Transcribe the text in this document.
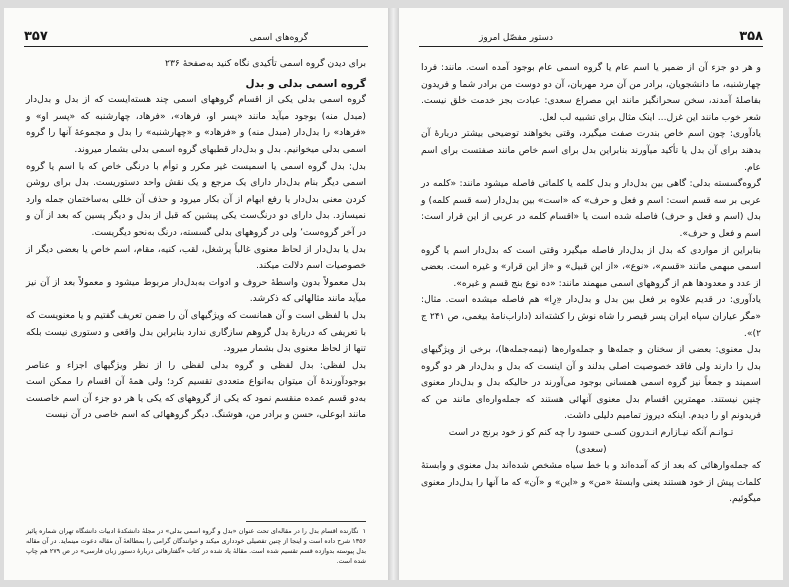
۳۵۷	گروه‌های اسمی

برای دیدن گروه اسمی تأکیدی نگاه کنید به‌صفحهٔ ۲۳۶

گروه اسمی بدلی و بدل

گروه اسمی بدلی یکی از اقسام گروههای اسمی چند هسته‌ایست که از بدل و بدل‌دار (مبدل منه) بوجود میآید مانند «پسر او، فرهاد»، «فرهاد، چهارشنبه که «پسر او» و «فرهاد» را بدل‌دار (مبدل منه) و «فرهاد» و «چهارشنبه» را بدل و مجموعهٔ آنها را گروه اسمی بدلی میخوانیم. بدل و بدل‌دار قطبهای گروه اسمی بدلی بشمار میروند.

بدل: بدل گروه اسمی یا اسمیست غیر مکرر و توأم با درنگی خاص که با اسم یا گروه اسمی دیگر بنام بدل‌دار دارای یک مرجع و یک نقش واحد دستوریست. بدل برای روشن کردن معنی بدل‌دار یا رفع ابهام از آن بکار میرود و حذف آن خللی به‌ساختمان جمله وارد نمیسازد. بدل دارای دو درنگ‌ست یکی پیشین که قبل از بدل و دیگر پسین که بعد از آن و در آخر گروه‌ست٬ ولی در گروههای بدلی گسسته، درنگ به‌نحو دیگریست.

بدل یا بدل‌دار از لحاظ معنوی غالباً پرشغل، لقب، کنیه، مقام، اسم خاص یا بعضی دیگر از خصوصیات اسم دلالت میکند.

بدل معمولاً بدون واسطهٔ حروف و ادوات به‌بدل‌دار مربوط میشود و معمولاً بعد از آن نیز میآید مانند مثالهائی که ذکرشد.

بدل با لفظی است و آن همانست که ویژگیهای آن را ضمن تعریف گفتیم و یا معنویست که با تعریفی که دربارهٔ بدل گروهم سازگاری ندارد بنابراین بدل واقعی و دستوری نیست بلکه تنها از لحاظ معنوی بدل بشمار میرود.

بدل لفظی: بدل لفظی و گروه بدلی لفظی را از نظر ویژگیهای اجزاء و عناصر بوجودآورندهٔ آن میتوان به‌انواع متعددی تقسیم کرد؛ ولی همهٔ آن اقسام را ممکن است به‌دو قسم عمده منقسم نمود که یکی از گروههای که یکی یا هر دو جزء آن اسم خاصست مانند ابوعلی، حسن و برادر من، هوشنگ. دیگر گروههائی که اسم خاصی در آن نیست

۱نگارنده اقسام بدل را در مقاله‌ای تحت عنوان «بدل و گروه اسمی بدلی» در مجلهٔ دانشکدهٔ ادبیات دانشگاه تهران شماره پائیز ۱۳۵۶ شرح داده است و اینجا از چنین تفصیلی خودداری میکند و خوانندگان گرامی را بمطالعهٔ آن مقاله دعوت مینماید. در آن مقاله بدل پیوسته بدوازده قسم تقسیم شده است. مقالهٔ یاد شده در کتاب «گفتارهائی دربارهٔ دستور زبان فارسی» در ص ۲۷۹ هم چاپ شده است.

۳۵۸
دستور مفصّل امروز

و هر دو جزء آن از ضمیر یا اسم عام یا گروه اسمی عام بوجود آمده است. مانند: فردا چهارشنبه، ما دانشجویان، برادر من آن مرد مهربان، آن دو دوست من برادر شما و فریدون بفاصلهٔ آمدند، سخن سحرانگیز مانند این مصراع سعدی: عبادت بجز خدمت خلق نیست. شعر خوب مانند این غزل... اینک مثال برای تشبیه لب لعل.

یادآوری: چون اسم خاص بندرت صفت میگیرد، وقتی بخواهند توضیحی بیشتر دربارهٔ آن بدهند برای آن بدل یا تأکید میآورند بنابراین بدل برای اسم خاص مانند صفتست برای اسم عام.

گروه‌گسسته بدلی: گاهی بین بدل‌دار و بدل کلمه یا کلماتی فاصله میشود مانند: «کلمه در عربی بر سه قسم است: اسم و فعل و حرف» که «است» بین بدل‌دار (سه قسم کلمه) و بدل (اسم و فعل و حرف) فاصله شده است یا «اقسام کلمه در عربی از این قرار است: اسم و فعل و حرف».

بنابراین از مواردی که بدل از بدل‌دار فاصله میگیرد وقتی است که بدل‌دار اسم یا گروه اسمی مبهمی مانند «قسم»، «نوع»، «از این قبیل» و «از این قرار» و غیره است. بعضی از عدد و معدودها هم از گروههای اسمی مبهمند مانند: «ده نوع بنج قسم و غیره».

یادآوری: در قدیم علاوه بر فعل بین بدل و بدل‌دار «ِرِا» هم فاصله میشده است. مثال: «مگر عیاران سپاه ایران پسر قیصر را شاه نوش را کشته‌اند (داراب‌نامهٔ بیغمی، ص ۲۴۱ ج ۲)».

بدل معنوی: بعضی از سخنان و جمله‌ها و جمله‌واره‌ها (نیمه‌جمله‌ها)، برخی از ویژگیهای بدل را دارند ولی فاقد خصوصیت اصلی بدلند و آن اینست که بدل و بدل‌دار هر دو گروه اسمیند و جمعاً نیز گروه اسمی همسانی بوجود می‌آورند در حالیکه بدل و بدل‌دار معنوی چنین نیستند. مهمترین اقسام بدل معنوی آنهائی هستند که جمله‌واره‌ای مانند من که فریدونم او را دیدم. اینکه دیروز تمامیم دلیلی داشت.

تـوانـم آنکه نیـازارم انـدرون کسـی حسود را چه کنم کو ز خود برنج در است

(سعدی)

که جمله‌وارهائی که بعد از که آمده‌اند و با خط سیاه مشخص شده‌اند بدل معنوی و وابستهٔ کلمات پیش از خود هستند یعنی وابستهٔ «من» و «این» و «آن» که ما آنها را بدل‌دار معنوی میگوئیم.
